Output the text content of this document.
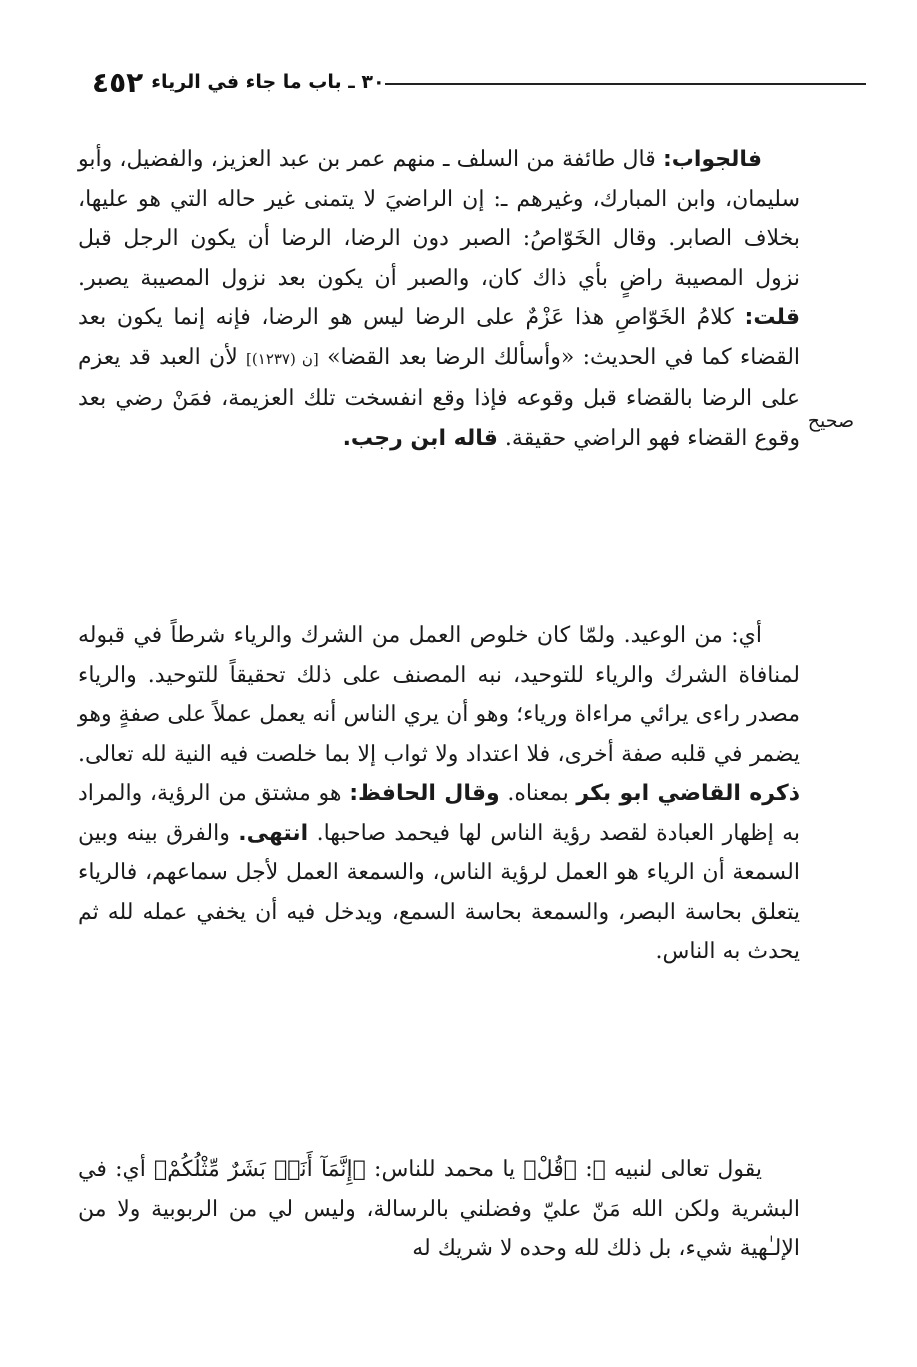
٤٥٢ ٣٠ ـ باب ما جاء في الرياء

فالجواب: قال طائفة من السلف ـ منهم عمر بن عبد العزيز، والفضيل، وأبو سليمان، وابن المبارك، وغيرهم ـ: إن الراضيَ لا يتمنى غير حاله التي هو عليها، بخلاف الصابر. وقال الخَوّاصُ: الصبر دون الرضا، الرضا أن يكون الرجل قبل نزول المصيبة راضٍ بأي ذاك كان، والصبر أن يكون بعد نزول المصيبة يصبر. قلت: كلامُ الخَوّاصِ هذا عَزْمٌ على الرضا ليس هو الرضا، فإنه إنما يكون بعد القضاء كما في الحديث: «وأسألك الرضا بعد القضا» [ن (١٢٣٧)] لأن العبد قد يعزم على الرضا بالقضاء قبل وقوعه فإذا وقع انفسخت تلك العزيمة، فمَنْ رضي بعد وقوع القضاء فهو الراضي حقيقة. قاله ابن رجب.

صحيح

أي: من الوعيد. ولمّا كان خلوص العمل من الشرك والرياء شرطاً في قبوله لمنافاة الشرك والرياء للتوحيد، نبه المصنف على ذلك تحقيقاً للتوحيد. والرياء مصدر راءى يرائي مراءاة ورياء؛ وهو أن يري الناس أنه يعمل عملاً على صفةٍ وهو يضمر في قلبه صفة أخرى، فلا اعتداد ولا ثواب إلا بما خلصت فيه النية لله تعالى. ذكره القاضي ابو بكر بمعناه. وقال الحافظ: هو مشتق من الرؤية، والمراد به إظهار العبادة لقصد رؤية الناس لها فيحمد صاحبها. انتهى. والفرق بينه وبين السمعة أن الرياء هو العمل لرؤية الناس، والسمعة العمل لأجل سماعهم، فالرياء يتعلق بحاسة البصر، والسمعة بحاسة السمع، ويدخل فيه أن يخفي عمله لله ثم يحدث به الناس.

يقول تعالى لنبيه ﷺ: ﴿قُلْ﴾ يا محمد للناس: ﴿إِنَّمَآ أَنَا۠ بَشَرٌ مِّثْلُكُمْ﴾ أي: في البشرية ولكن الله مَنّ عليّ وفضلني بالرسالة، وليس لي من الربوبية ولا من الإلـٰهية شيء، بل ذلك لله وحده لا شريك له
